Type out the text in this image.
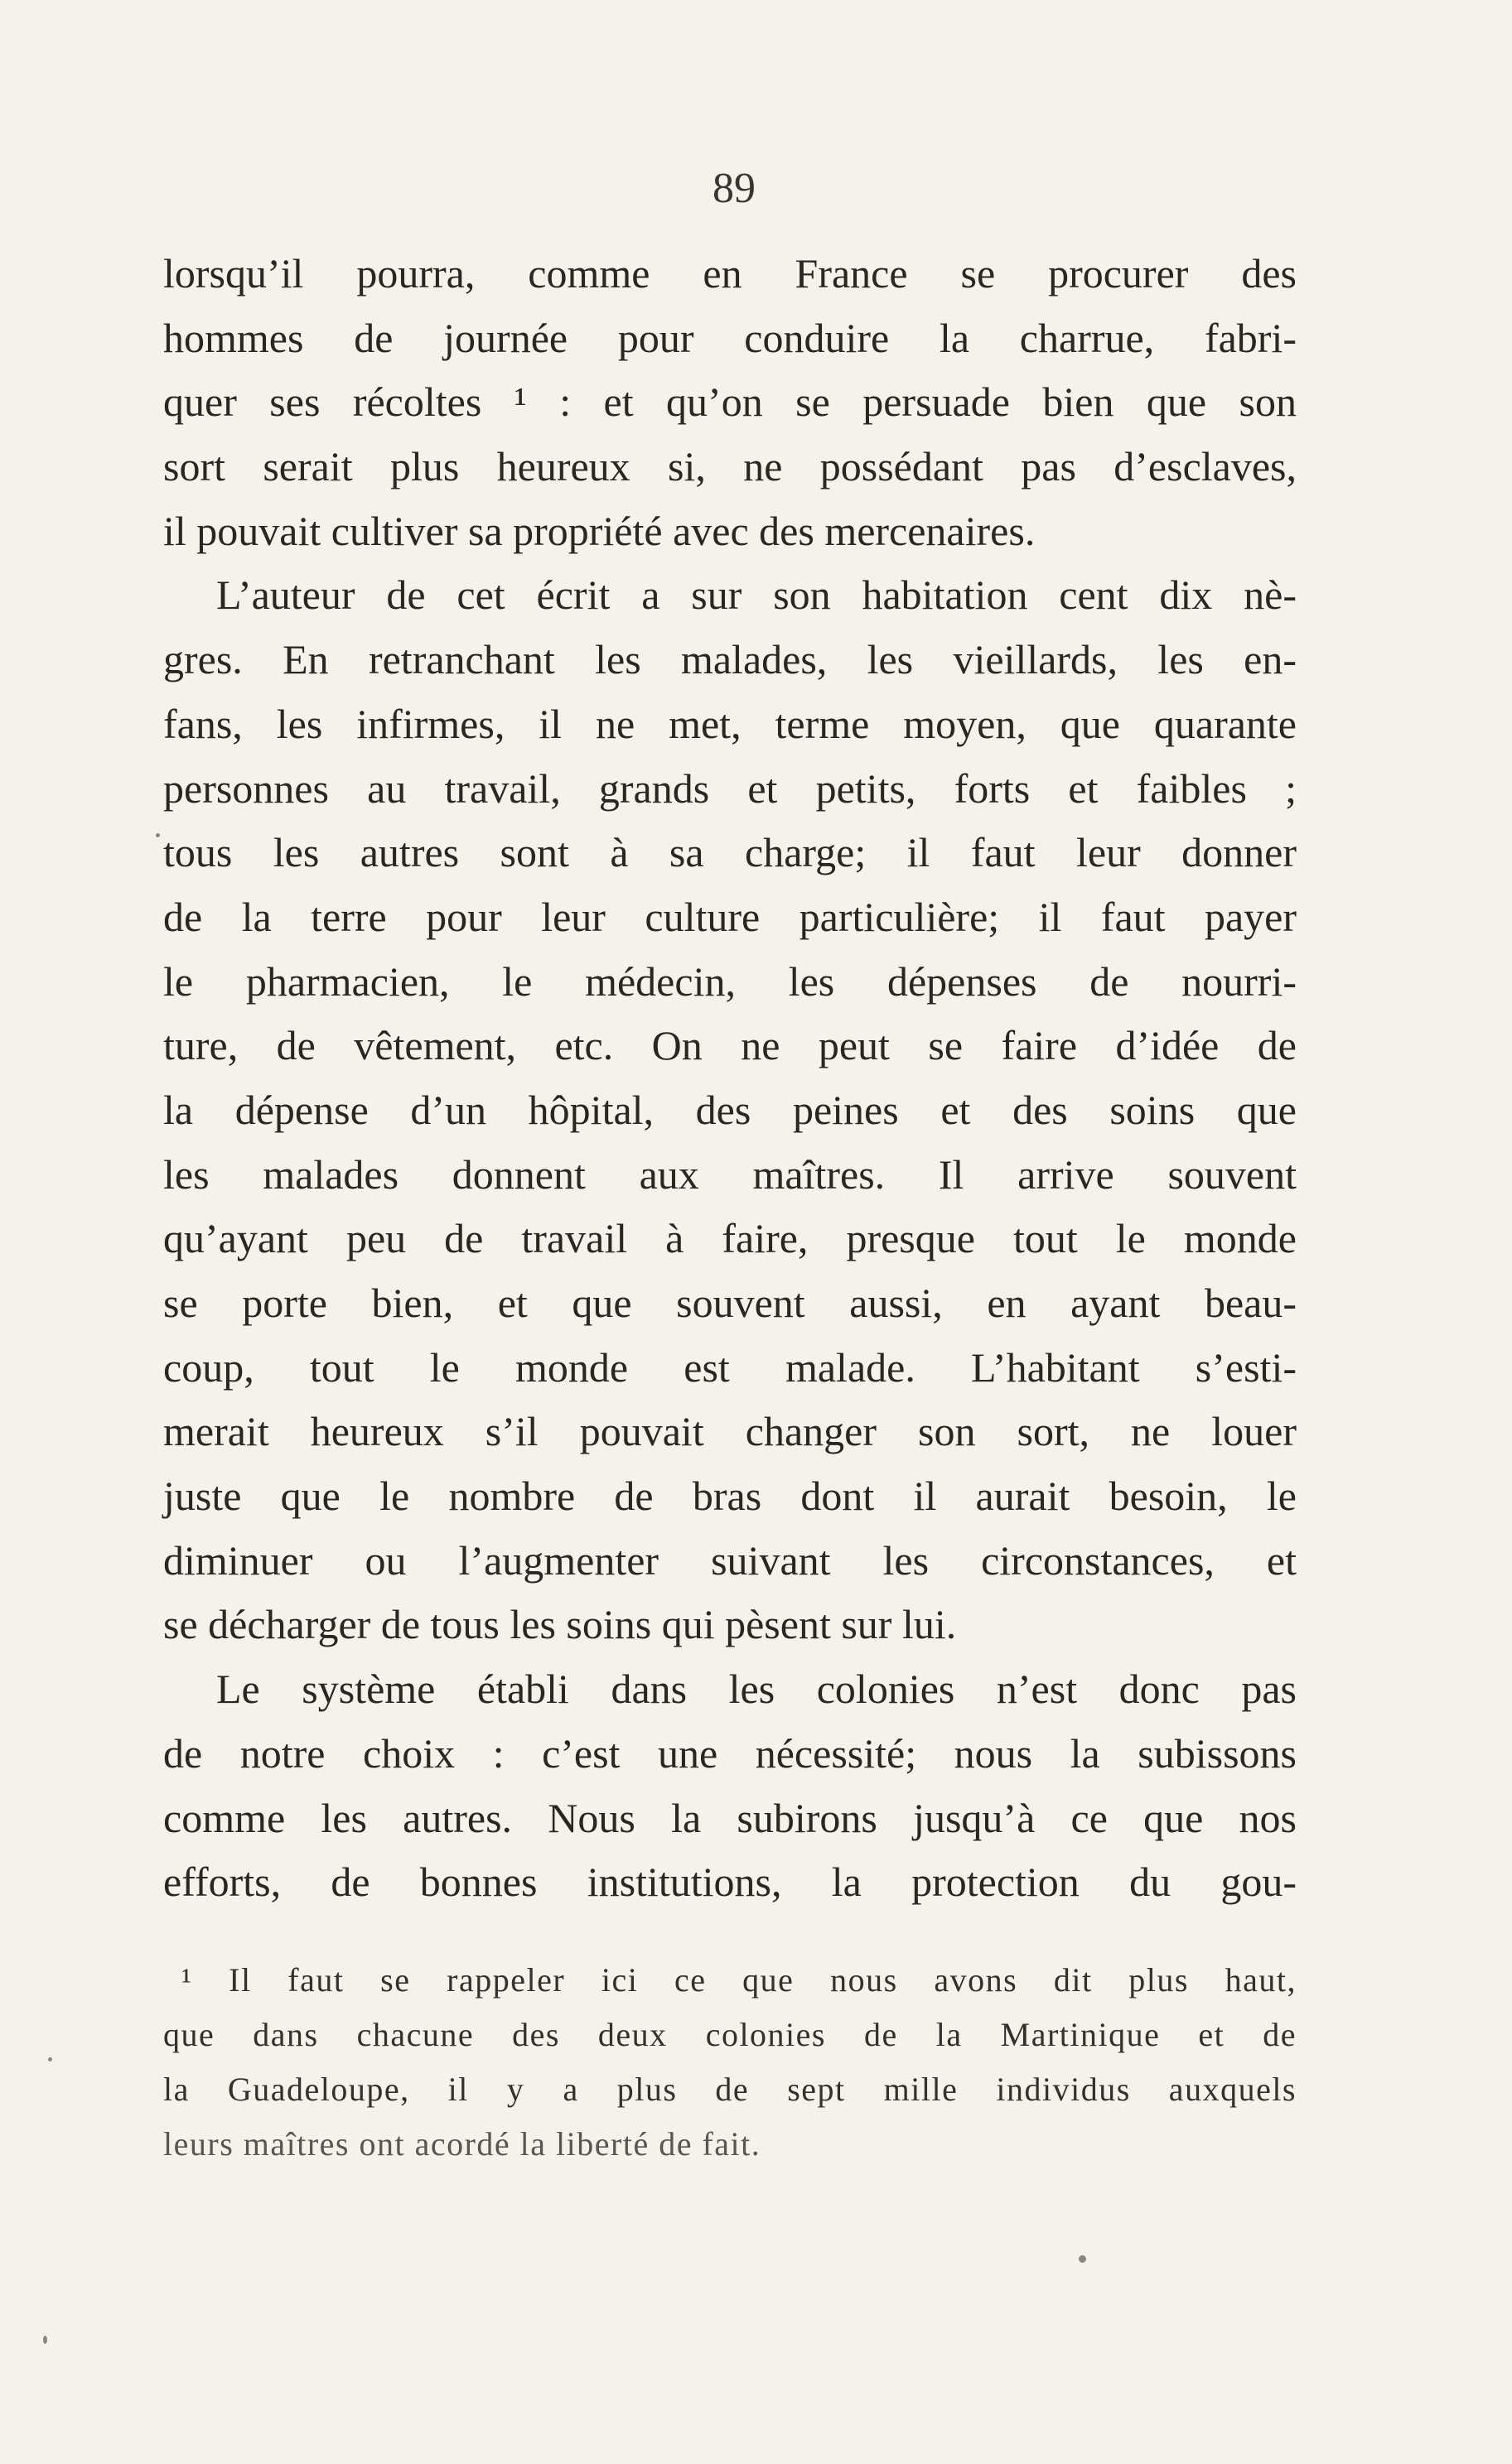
89
lorsqu’il pourra, comme en France se procurer des
hommes de journée pour conduire la charrue, fabri-
quer ses récoltes ¹ : et qu’on se persuade bien que son
sort serait plus heureux si, ne possédant pas d’esclaves,
il pouvait cultiver sa propriété avec des mercenaires.
L’auteur de cet écrit a sur son habitation cent dix nè-
gres. En retranchant les malades, les vieillards, les en-
fans, les infirmes, il ne met, terme moyen, que quarante
personnes au travail, grands et petits, forts et faibles ;
tous les autres sont à sa charge; il faut leur donner
de la terre pour leur culture particulière; il faut payer
le pharmacien, le médecin, les dépenses de nourri-
ture, de vêtement, etc. On ne peut se faire d’idée de
la dépense d’un hôpital, des peines et des soins que
les malades donnent aux maîtres. Il arrive souvent
qu’ayant peu de travail à faire, presque tout le monde
se porte bien, et que souvent aussi, en ayant beau-
coup, tout le monde est malade. L’habitant s’esti-
merait heureux s’il pouvait changer son sort, ne louer
juste que le nombre de bras dont il aurait besoin, le
diminuer ou l’augmenter suivant les circonstances, et
se décharger de tous les soins qui pèsent sur lui.
Le système établi dans les colonies n’est donc pas
de notre choix : c’est une nécessité; nous la subissons
comme les autres. Nous la subirons jusqu’à ce que nos
efforts, de bonnes institutions, la protection du gou-
¹ Il faut se rappeler ici ce que nous avons dit plus haut,
que dans chacune des deux colonies de la Martinique et de
la Guadeloupe, il y a plus de sept mille individus auxquels
leurs maîtres ont acordé la liberté de fait.
